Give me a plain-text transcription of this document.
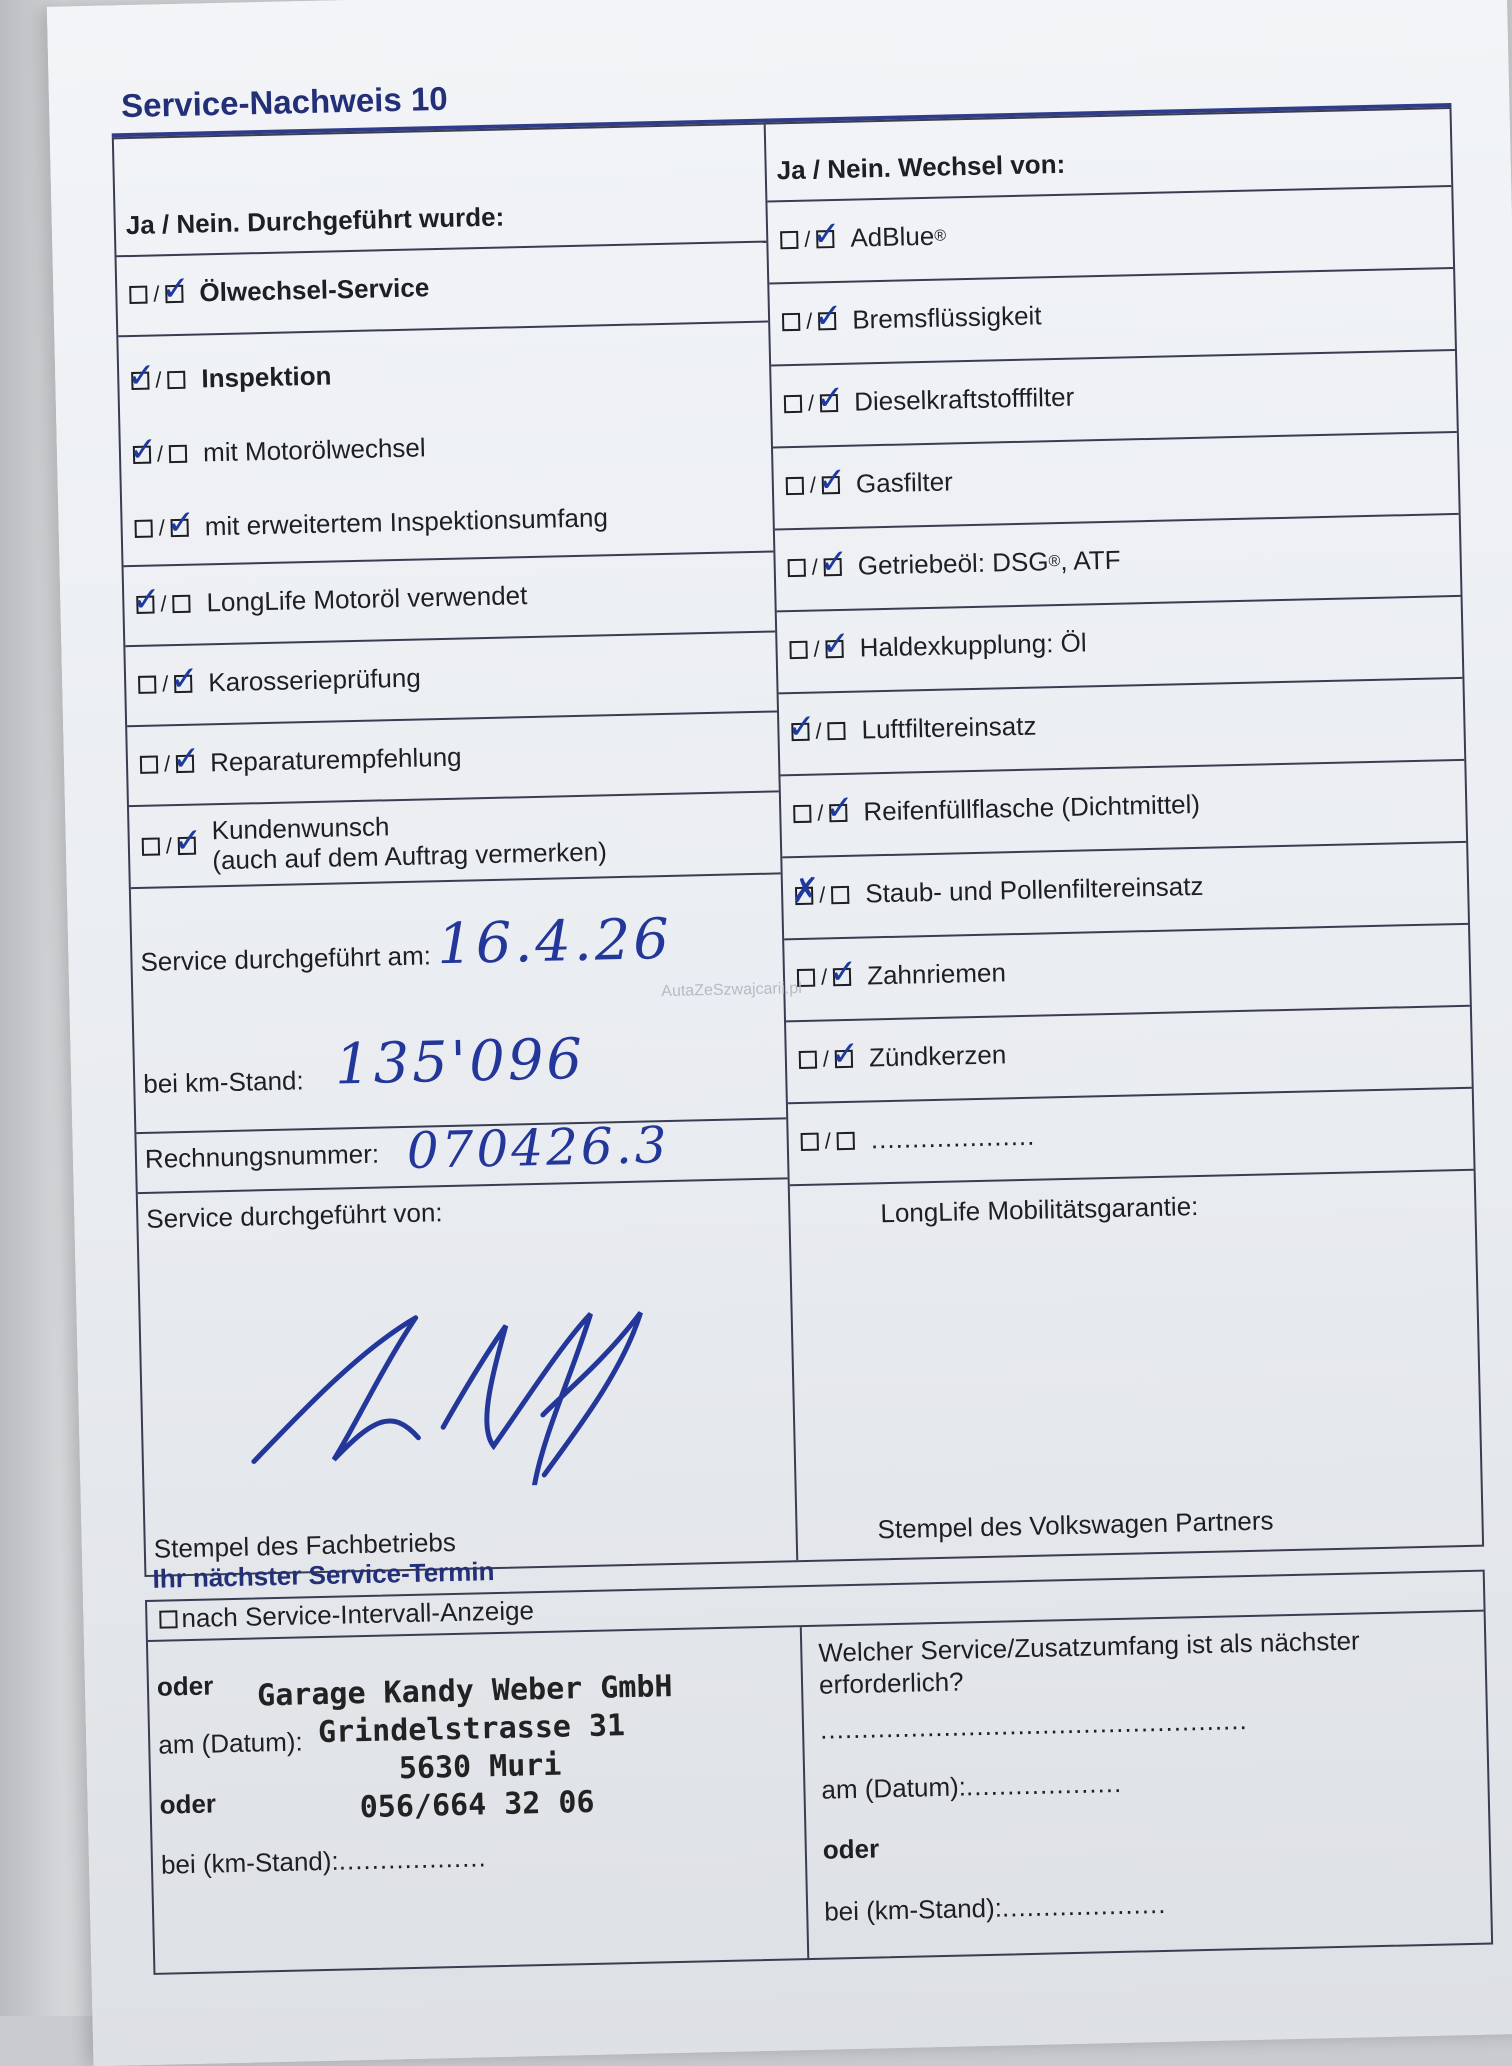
Service-Nachweis 10
Ja / Nein. Durchgeführt wurde:
/ ✓ Ölwechsel-Service
✓
/ Inspektion
✓
/ mit Motorölwechsel
/ ✓ mit erweitertem Inspektionsumfang
✓
/ LongLife Motoröl verwendet
/ ✓ Karosserieprüfung
/ ✓ Reparaturempfehlung
/ ✓ Kundenwunsch
(auch auf dem Auftrag vermerken)
Service durchgeführt am: 16.4.26
bei km-Stand: 135'096
Rechnungsnummer: 070426.3
Service durchgeführt von:
Stempel des Fachbetriebs
Ja / Nein. Wechsel von:
/ ✓ AdBlue ®
/ ✓ Bremsflüssigkeit
/ ✓ Dieselkraftstofffilter
/ ✓ Gasfilter
/ ✓ Getriebeöl: DSG ® , ATF
/ ✓ Haldexkupplung: Öl
✓
/ Luftfiltereinsatz
/ ✓ Reifenfüllflasche (Dichtmittel)
✗
/ Staub- und Pollenfiltereinsatz
/ ✓ Zahnriemen
/ ✓ Zündkerzen
/ ....................
LongLife Mobilitätsgarantie:
Stempel des Volkswagen Partners
Ihr nächster Service-Termin
nach Service-Intervall-Anzeige
oder
am (Datum):
oder
bei (km-Stand): ..................
Welcher Service/Zusatzumfang ist als nächster erforderlich?
....................................................
am (Datum): ...................
oder
bei (km-Stand): ....................
Garage Kandy Weber GmbH
Grindelstrasse 31
5630 Muri
056/664 32 06
AutaZeSzwajcarii.pl
